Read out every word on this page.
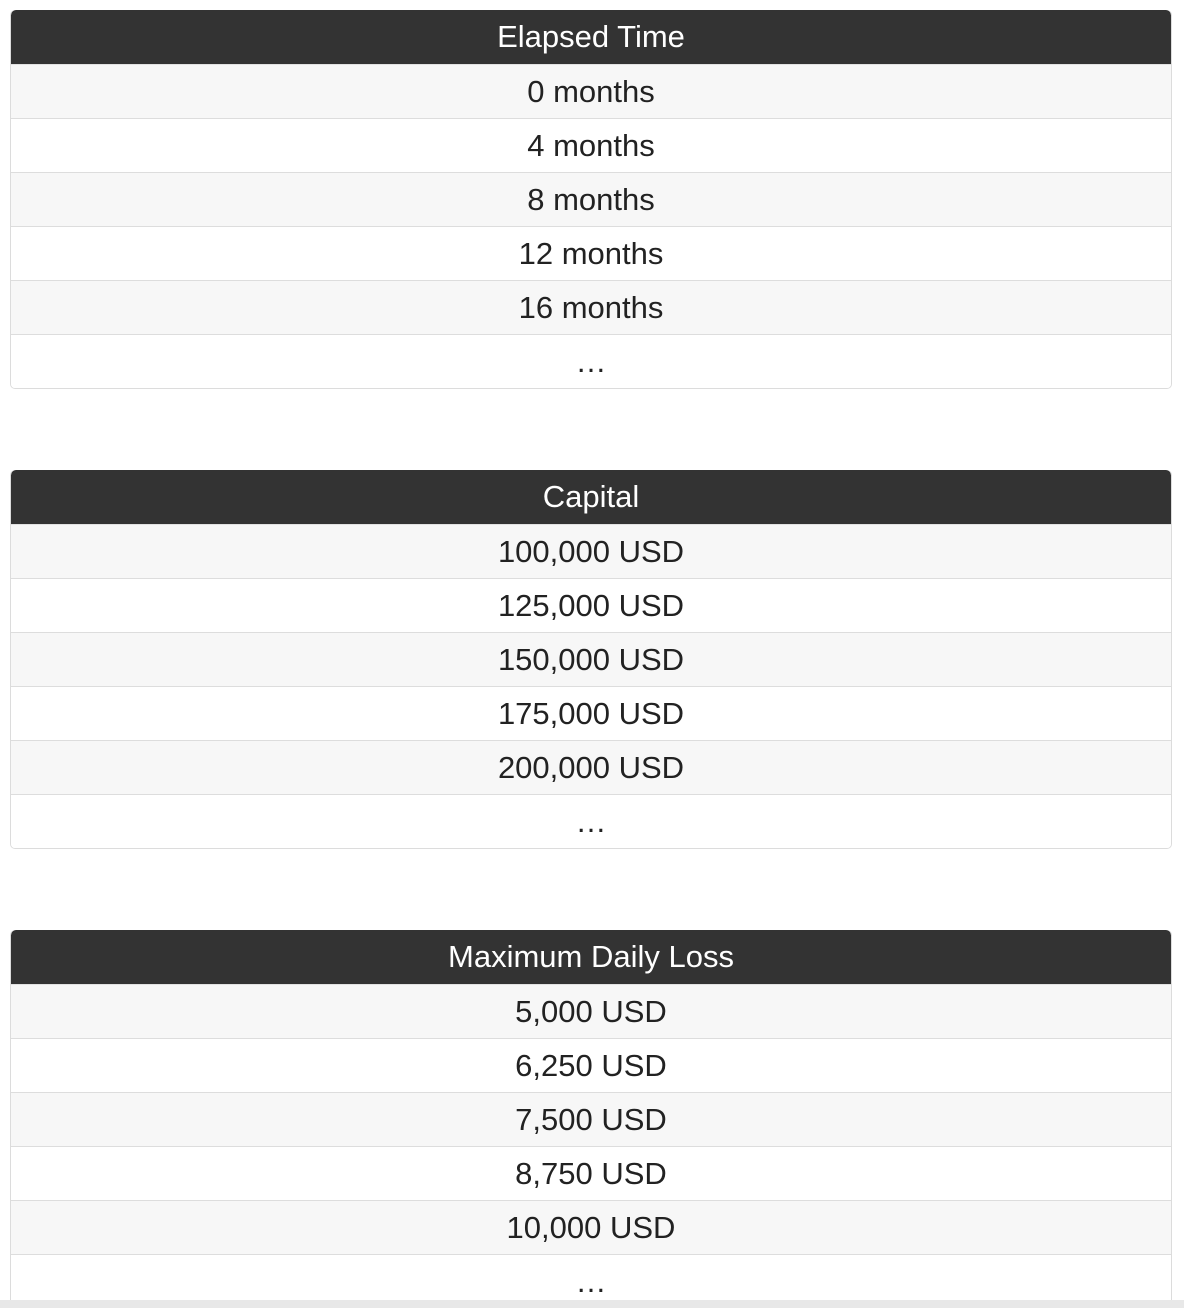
Elapsed Time
0 months
4 months
8 months
12 months
16 months
…
Capital
100,000 USD
125,000 USD
150,000 USD
175,000 USD
200,000 USD
…
Maximum Daily Loss
5,000 USD
6,250 USD
7,500 USD
8,750 USD
10,000 USD
…
